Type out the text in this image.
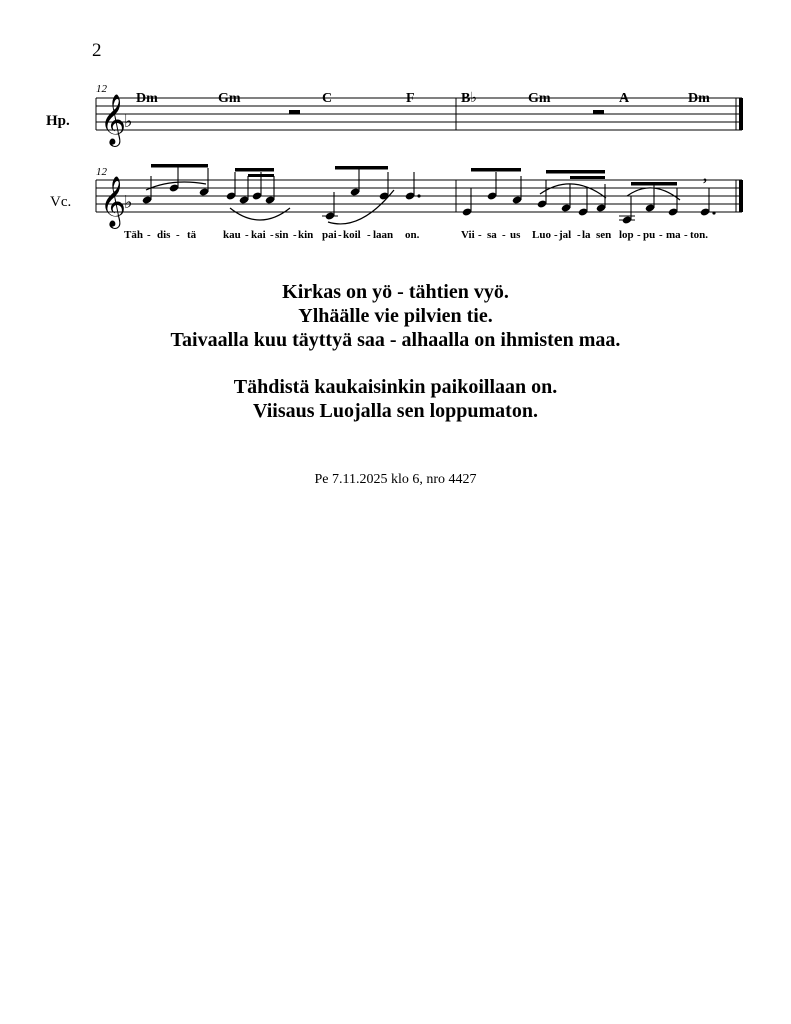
2
12
12
Hp.
Vc.
𝄞
𝄞
♭
♭
Dm	Gm	C	F	B♭	Gm	A	Dm
,
Täh - dis - tä kau - kai - sin - kin pai - koil - laan on.	Vii - sa - us Luo - jal - la sen lop - pu - ma - ton.
Kirkas on yö - tähtien vyö.
Ylhäälle vie pilvien tie.
Taivaalla kuu täyttyä saa - alhaalla on ihmisten maa.
Tähdistä kaukaisinkin paikoillaan on.
Viisaus Luojalla sen loppumaton.
Pe 7.11.2025 klo 6, nro 4427
